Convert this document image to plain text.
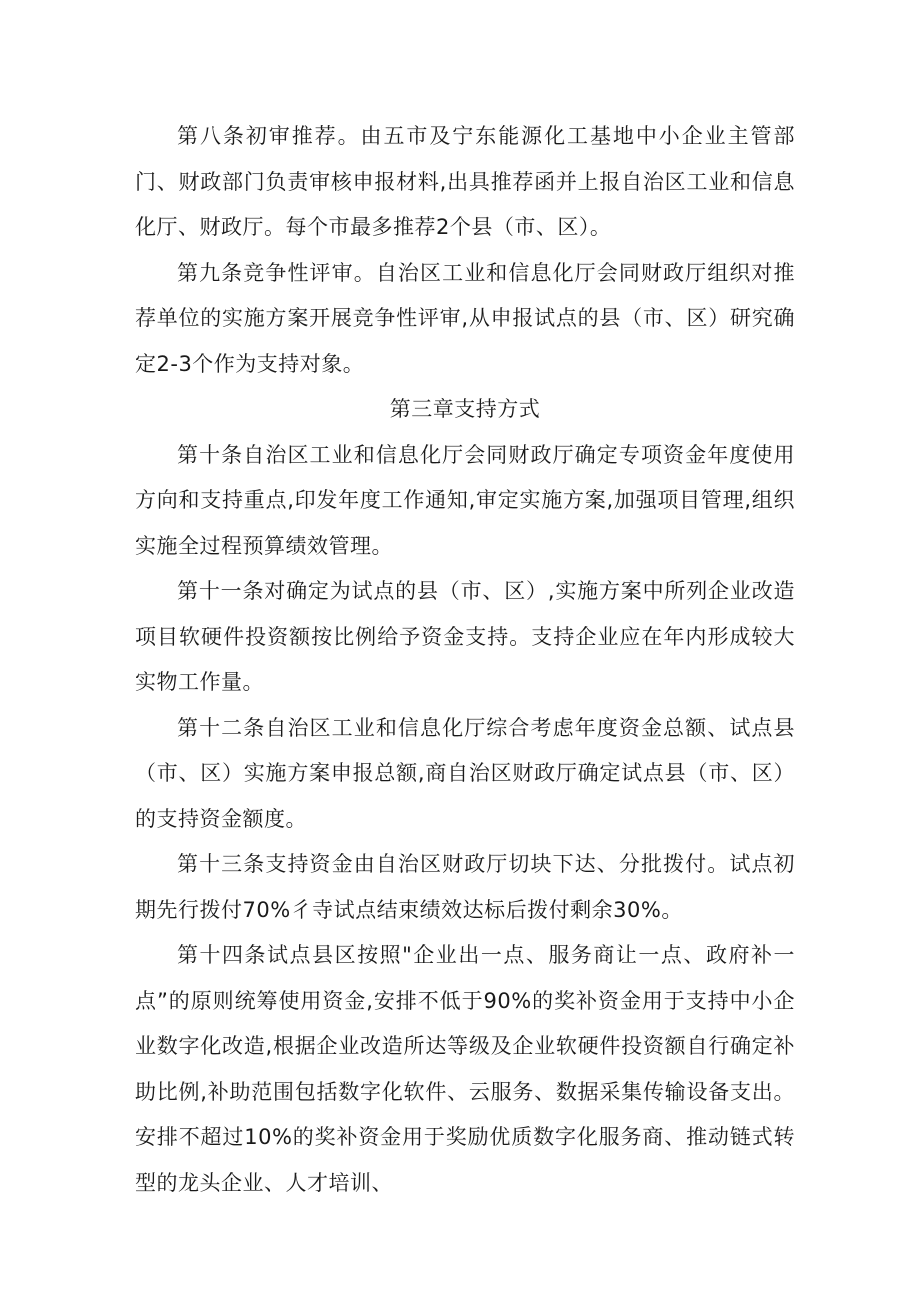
第八条初审推荐。由五市及宁东能源化工基地中小企业主管部门、财政部门负责审核申报材料,出具推荐函并上报自治区工业和信息化厅、财政厅。每个市最多推荐2个县（市、区）。

第九条竞争性评审。自治区工业和信息化厅会同财政厅组织对推荐单位的实施方案开展竞争性评审,从申报试点的县（市、区）研究确定2-3个作为支持对象。

第三章支持方式

第十条自治区工业和信息化厅会同财政厅确定专项资金年度使用方向和支持重点,印发年度工作通知,审定实施方案,加强项目管理,组织实施全过程预算绩效管理。

第十一条对确定为试点的县（市、区）,实施方案中所列企业改造项目软硬件投资额按比例给予资金支持。支持企业应在年内形成较大实物工作量。

第十二条自治区工业和信息化厅综合考虑年度资金总额、试点县（市、区）实施方案申报总额,商自治区财政厅确定试点县（市、区）的支持资金额度。

第十三条支持资金由自治区财政厅切块下达、分批拨付。试点初期先行拨付70%彳寺试点结束绩效达标后拨付剩余30%。

第十四条试点县区按照"企业出一点、服务商让一点、政府补一点”的原则统筹使用资金,安排不低于90%的奖补资金用于支持中小企业数字化改造,根据企业改造所达等级及企业软硬件投资额自行确定补助比例,补助范围包括数字化软件、云服务、数据采集传输设备支出。安排不超过10%的奖补资金用于奖励优质数字化服务商、推动链式转型的龙头企业、人才培训、
